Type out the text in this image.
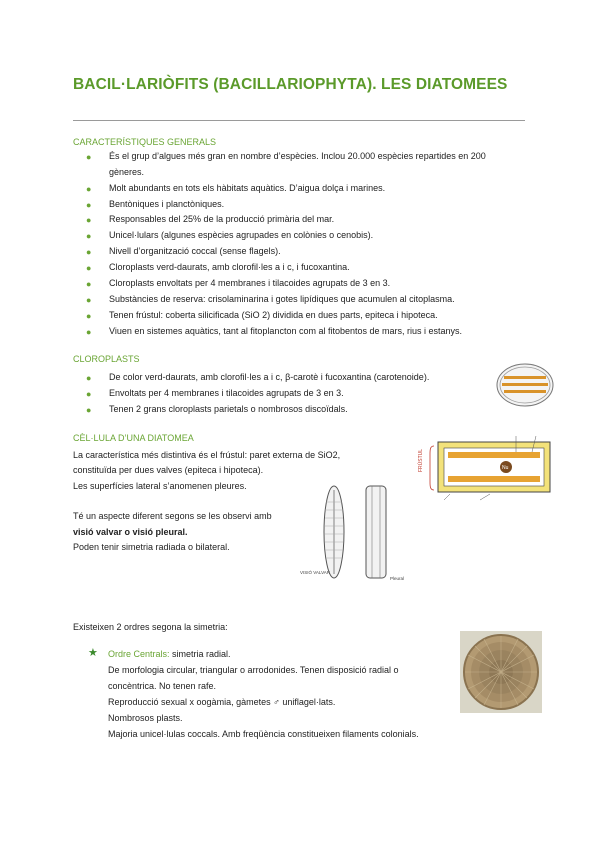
BACIL·LARIÒFITS (BACILLARIOPHYTA). LES DIATOMEES
CARACTERÍSTIQUES GENERALS
● És el grup d’algues més gran en nombre d’espècies. Inclou 20.000 espècies repartides en 200
gèneres.
● Molt abundants en tots els hàbitats aquàtics. D’aigua dolça i marines.
● Bentòniques i planctòniques.
● Responsables del 25% de la producció primària del mar.
● Unicel·lulars (algunes espècies agrupades en colònies o cenobis).
● Nivell d’organització coccal (sense flagels).
● Cloroplasts verd-daurats, amb clorofil·les a i c, i fucoxantina.
● Cloroplasts envoltats per 4 membranes i tilacoides agrupats de 3 en 3.
● Substàncies de reserva: crisolaminarina i gotes lipídiques que acumulen al citoplasma.
● Tenen frústul: coberta silicificada (SiO 2) dividida en dues parts, epiteca i hipoteca.
● Viuen en sistemes aquàtics, tant al fitoplancton com al fitobentos de mars, rius i estanys.
CLOROPLASTS
● De color verd-daurats, amb clorofil·les a i c, β-carotè i fucoxantina (carotenoide).
● Envoltats per 4 membranes i tilacoides agrupats de 3 en 3.
● Tenen 2 grans cloroplasts parietals o nombrosos discoïdals.
CÈL·LULA D’UNA DIATOMEA
La característica més distintiva és el frústul: paret externa de SiO2,
constituïda per dues valves (epiteca i hipoteca).
Les superfícies lateral s’anomenen pleures.
Té un aspecte diferent segons se les observi amb
visió valvar o visió pleural.
Poden tenir simetria radiada o bilateral.
FRÚSTUL	Nu
VISIÓ VALVAR
Pleural
Existeixen 2 ordres segona la simetria:
★ Ordre Centrals: simetria radial.
De morfologia circular, triangular o arrodonides. Tenen disposició radial o
concèntrica. No tenen rafe.
Reproducció sexual x oogàmia, gàmetes ♂ uniflagel·lats.
Nombrosos plasts.
Majoria unicel·lulas coccals. Amb freqüència constitueixen filaments colonials.
